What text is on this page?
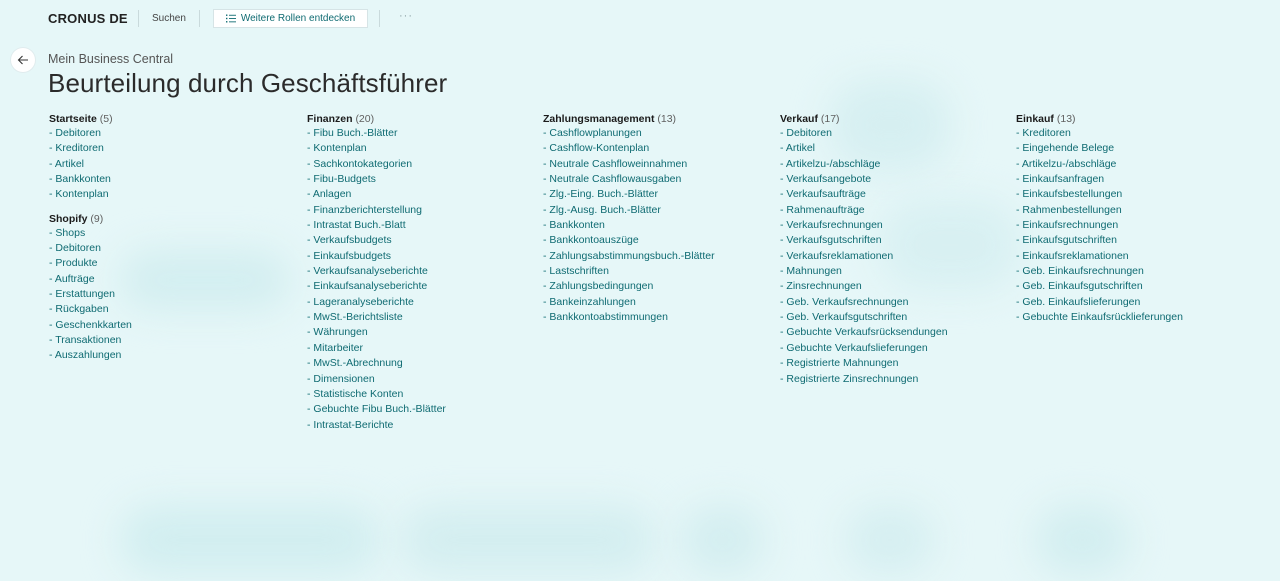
CRONUS DE Suchen	Weitere Rollen entdecken	···
Mein Business Central
Beurteilung durch Geschäftsführer
Startseite (5)
- Debitoren
- Kreditoren
- Artikel
- Bankkonten
- Kontenplan
Shopify (9)
- Shops
- Debitoren
- Produkte
- Aufträge
- Erstattungen
- Rückgaben
- Geschenkkarten
- Transaktionen
- Auszahlungen
Finanzen (20)
- Fibu Buch.-Blätter
- Kontenplan
- Sachkontokategorien
- Fibu-Budgets
- Anlagen
- Finanzberichterstellung
- Intrastat Buch.-Blatt
- Verkaufsbudgets
- Einkaufsbudgets
- Verkaufsanalyseberichte
- Einkaufsanalyseberichte
- Lageranalyseberichte
- MwSt.-Berichtsliste
- Währungen
- Mitarbeiter
- MwSt.-Abrechnung
- Dimensionen
- Statistische Konten
- Gebuchte Fibu Buch.-Blätter
- Intrastat-Berichte
Zahlungsmanagement (13)
- Cashflowplanungen
- Cashflow-Kontenplan
- Neutrale Cashfloweinnahmen
- Neutrale Cashflowausgaben
- Zlg.-Eing. Buch.-Blätter
- Zlg.-Ausg. Buch.-Blätter
- Bankkonten
- Bankkontoauszüge
- Zahlungsabstimmungsbuch.-Blätter
- Lastschriften
- Zahlungsbedingungen
- Bankeinzahlungen
- Bankkontoabstimmungen
Verkauf (17)
- Debitoren
- Artikel
- Artikelzu-/abschläge
- Verkaufsangebote
- Verkaufsaufträge
- Rahmenaufträge
- Verkaufsrechnungen
- Verkaufsgutschriften
- Verkaufsreklamationen
- Mahnungen
- Zinsrechnungen
- Geb. Verkaufsrechnungen
- Geb. Verkaufsgutschriften
- Gebuchte Verkaufsrücksendungen
- Gebuchte Verkaufslieferungen
- Registrierte Mahnungen
- Registrierte Zinsrechnungen
Einkauf (13)
- Kreditoren
- Eingehende Belege
- Artikelzu-/abschläge
- Einkaufsanfragen
- Einkaufsbestellungen
- Rahmenbestellungen
- Einkaufsrechnungen
- Einkaufsgutschriften
- Einkaufsreklamationen
- Geb. Einkaufsrechnungen
- Geb. Einkaufsgutschriften
- Geb. Einkaufslieferungen
- Gebuchte Einkaufsrücklieferungen
